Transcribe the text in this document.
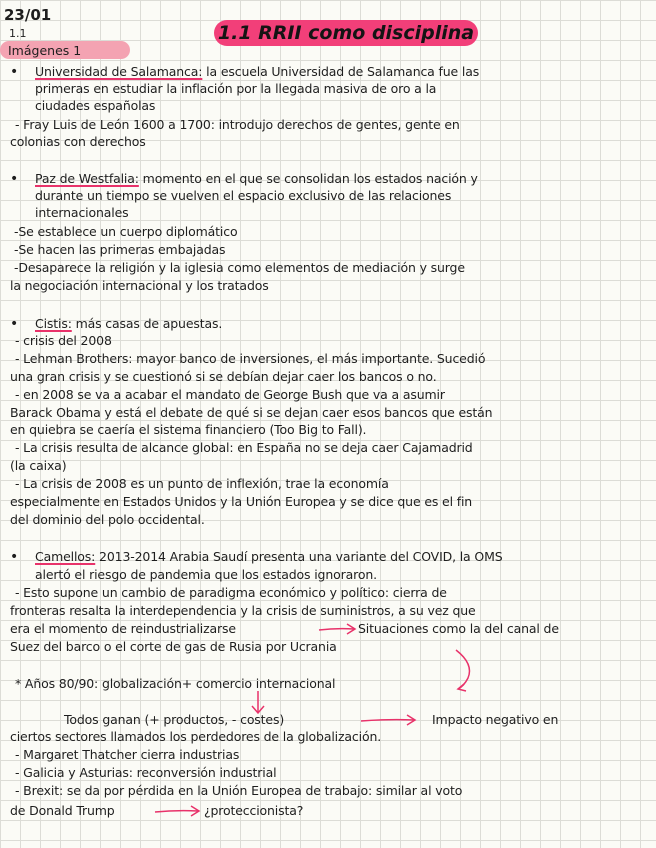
23/01
1.1	1.1 RRII como disciplina
Imágenes 1
• Universidad de Salamanca: la escuela Universidad de Salamanca fue las
primeras en estudiar la inflación por la llegada masiva de oro a la
ciudades españolas
- Fray Luis de León 1600 a 1700: introdujo derechos de gentes, gente en
colonias con derechos
• Paz de Westfalia: momento en el que se consolidan los estados nación y
durante un tiempo se vuelven el espacio exclusivo de las relaciones
internacionales
-Se establece un cuerpo diplomático
-Se hacen las primeras embajadas
-Desaparece la religión y la iglesia como elementos de mediación y surge
la negociación internacional y los tratados
• Cistis: más casas de apuestas.
- crisis del 2008
- Lehman Brothers: mayor banco de inversiones, el más importante. Sucedió
una gran crisis y se cuestionó si se debían dejar caer los bancos o no.
- en 2008 se va a acabar el mandato de George Bush que va a asumir
Barack Obama y está el debate de qué si se dejan caer esos bancos que están
en quiebra se caería el sistema financiero (Too Big to Fall).
- La crisis resulta de alcance global: en España no se deja caer Cajamadrid
(la caixa)
- La crisis de 2008 es un punto de inflexión, trae la economía
especialmente en Estados Unidos y la Unión Europea y se dice que es el fin
del dominio del polo occidental.
• Camellos: 2013-2014 Arabia Saudí presenta una variante del COVID, la OMS
alertó el riesgo de pandemia que los estados ignoraron.
- Esto supone un cambio de paradigma económico y político: cierra de
fronteras resalta la interdependencia y la crisis de suministros, a su vez que
era el momento de reindustrializarse	Situaciones como la del canal de
Suez del barco o el corte de gas de Rusia por Ucrania
* Años 80/90: globalización+ comercio internacional
Todos ganan (+ productos, - costes)	Impacto negativo en
ciertos sectores llamados los perdedores de la globalización.
- Margaret Thatcher cierra industrias
- Galicia y Asturias: reconversión industrial
- Brexit: se da por pérdida en la Unión Europea de trabajo: similar al voto
de Donald Trump	¿proteccionista?
